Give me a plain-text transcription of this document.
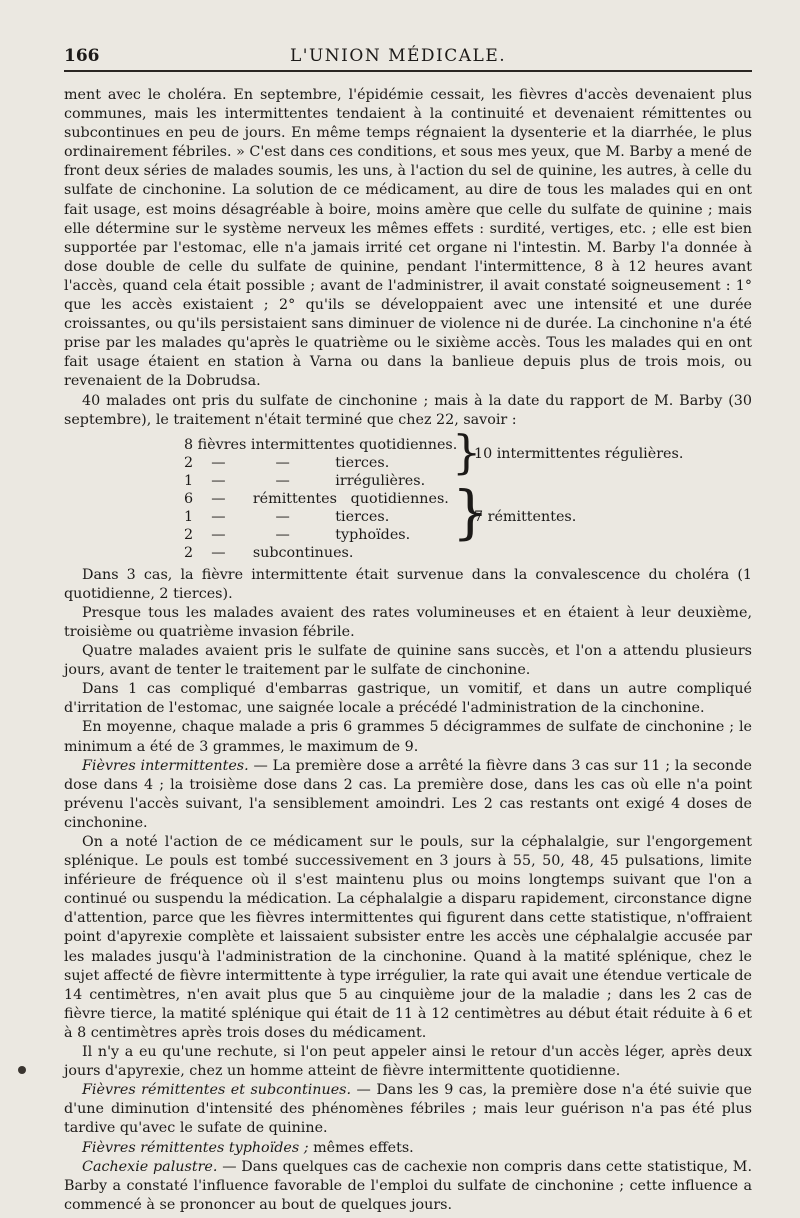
166	L'UNION MÉDICALE.

ment avec le choléra. En septembre, l'épidémie cessait, les fièvres d'accès devenaient plus communes, mais les intermittentes tendaient à la continuité et devenaient rémittentes ou subcontinues en peu de jours. En même temps régnaient la dysenterie et la diarrhée, le plus ordinairement fébriles. » C'est dans ces conditions, et sous mes yeux, que M. Barby a mené de front deux séries de malades soumis, les uns, à l'action du sel de quinine, les autres, à celle du sulfate de cinchonine. La solution de ce médicament, au dire de tous les malades qui en ont fait usage, est moins désagréable à boire, moins amère que celle du sulfate de quinine ; mais elle détermine sur le système nerveux les mêmes effets : surdité, vertiges, etc. ; elle est bien supportée par l'estomac, elle n'a jamais irrité cet organe ni l'intestin. M. Barby l'a donnée à dose double de celle du sulfate de quinine, pendant l'intermittence, 8 à 12 heures avant l'accès, quand cela était possible ; avant de l'administrer, il avait constaté soigneusement : 1° que les accès existaient ; 2° qu'ils se développaient avec une intensité et une durée croissantes, ou qu'ils persistaient sans diminuer de violence ni de durée. La cinchonine n'a été prise par les malades qu'après le quatrième ou le sixième accès. Tous les malades qui en ont fait usage étaient en station à Varna ou dans la banlieue depuis plus de trois mois, ou revenaient de la Dobrudsa.

40 malades ont pris du sulfate de cinchonine ; mais à la date du rapport de M. Barby (30 septembre), le traitement n'était terminé que chez 22, savoir :

8 fièvres intermittentes quotidiennes.
2    —           —          tierces.
1    —           —          irrégulières.
6    —      rémittentes   quotidiennes.
1    —           —          tierces.
2    —           —          typhoïdes.
2    —      subcontinues.
}
10 intermittentes régulières.
}
7 rémittentes.

Dans 3 cas, la fièvre intermittente était survenue dans la convalescence du choléra (1 quotidienne, 2 tierces).

Presque tous les malades avaient des rates volumineuses et en étaient à leur deuxième, troisième ou quatrième invasion fébrile.

Quatre malades avaient pris le sulfate de quinine sans succès, et l'on a attendu plusieurs jours, avant de tenter le traitement par le sulfate de cinchonine.

Dans 1 cas compliqué d'embarras gastrique, un vomitif, et dans un autre compliqué d'irritation de l'estomac, une saignée locale a précédé l'administration de la cinchonine.

En moyenne, chaque malade a pris 6 grammes 5 décigrammes de sulfate de cinchonine ; le minimum a été de 3 grammes, le maximum de 9.

Fièvres intermittentes. — La première dose a arrêté la fièvre dans 3 cas sur 11 ; la seconde dose dans 4 ; la troisième dose dans 2 cas. La première dose, dans les cas où elle n'a point prévenu l'accès suivant, l'a sensiblement amoindri. Les 2 cas restants ont exigé 4 doses de cinchonine.

On a noté l'action de ce médicament sur le pouls, sur la céphalalgie, sur l'engorgement splénique. Le pouls est tombé successivement en 3 jours à 55, 50, 48, 45 pulsations, limite inférieure de fréquence où il s'est maintenu plus ou moins longtemps suivant que l'on a continué ou suspendu la médication. La céphalalgie a disparu rapidement, circonstance digne d'attention, parce que les fièvres intermittentes qui figurent dans cette statistique, n'offraient point d'apyrexie complète et laissaient subsister entre les accès une céphalalgie accusée par les malades jusqu'à l'administration de la cinchonine. Quand à la matité splénique, chez le sujet affecté de fièvre intermittente à type irrégulier, la rate qui avait une étendue verticale de 14 centimètres, n'en avait plus que 5 au cinquième jour de la maladie ; dans les 2 cas de fièvre tierce, la matité splénique qui était de 11 à 12 centimètres au début était réduite à 6 et à 8 centimètres après trois doses du médicament.

Il n'y a eu qu'une rechute, si l'on peut appeler ainsi le retour d'un accès léger, après deux jours d'apyrexie, chez un homme atteint de fièvre intermittente quotidienne.

Fièvres rémittentes et subcontinues. — Dans les 9 cas, la première dose n'a été suivie que d'une diminution d'intensité des phénomènes fébriles ; mais leur guérison n'a pas été plus tardive qu'avec le sufate de quinine.

Fièvres rémittentes typhoïdes ; mêmes effets.

Cachexie palustre. — Dans quelques cas de cachexie non compris dans cette statistique, M. Barby a constaté l'influence favorable de l'emploi du sulfate de cinchonine ; cette influence a commencé à se prononcer au bout de quelques jours.
